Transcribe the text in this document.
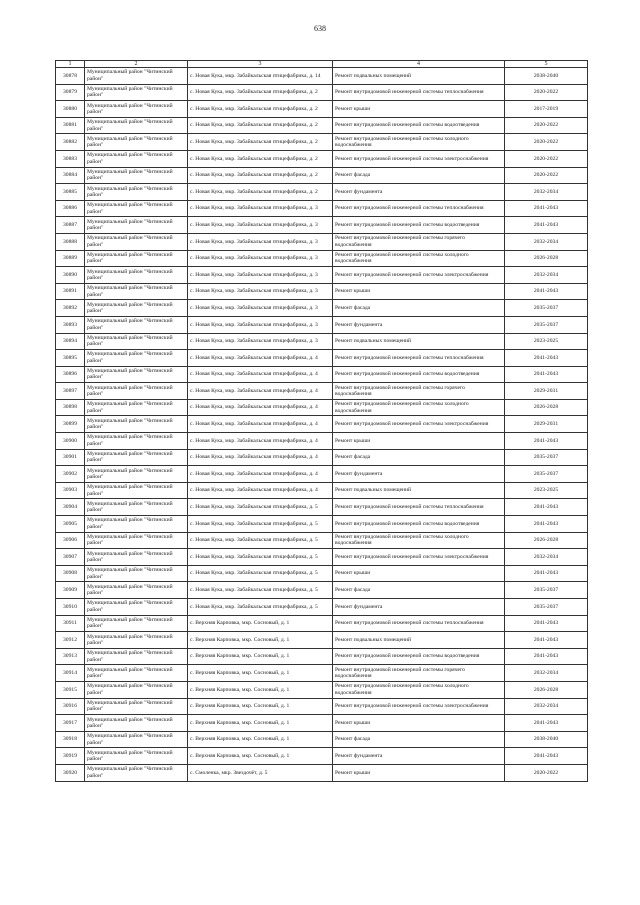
638
1	2	3	4	5
30878	Муниципальный район "Читинский район"	с. Новая Кука, мкр. Забайкальская птицефабрика, д. 14	Ремонт подвальных помещений	2038-2040
30879	Муниципальный район "Читинский район"	с. Новая Кука, мкр. Забайкальская птицефабрика, д. 2	Ремонт внутридомовой инженерной системы теплоснабжения	2020-2022
30880	Муниципальный район "Читинский район"	с. Новая Кука, мкр. Забайкальская птицефабрика, д. 2	Ремонт крыши	2017-2019
30881	Муниципальный район "Читинский район"	с. Новая Кука, мкр. Забайкальская птицефабрика, д. 2	Ремонт внутридомовой инженерной системы водоотведения	2020-2022
30882	Муниципальный район "Читинский район"	с. Новая Кука, мкр. Забайкальская птицефабрика, д. 2	Ремонт внутридомовой инженерной системы холодного водоснабжения	2020-2022
30883	Муниципальный район "Читинский район"	с. Новая Кука, мкр. Забайкальская птицефабрика, д. 2	Ремонт внутридомовой инженерной системы электроснабжения	2020-2022
30884	Муниципальный район "Читинский район"	с. Новая Кука, мкр. Забайкальская птицефабрика, д. 2	Ремонт фасада	2020-2022
30885	Муниципальный район "Читинский район"	с. Новая Кука, мкр. Забайкальская птицефабрика, д. 2	Ремонт фундамента	2032-2034
30886	Муниципальный район "Читинский район"	с. Новая Кука, мкр. Забайкальская птицефабрика, д. 3	Ремонт внутридомовой инженерной системы теплоснабжения	2041-2043
30887	Муниципальный район "Читинский район"	с. Новая Кука, мкр. Забайкальская птицефабрика, д. 3	Ремонт внутридомовой инженерной системы водоотведения	2041-2043
30888	Муниципальный район "Читинский район"	с. Новая Кука, мкр. Забайкальская птицефабрика, д. 3	Ремонт внутридомовой инженерной системы горячего водоснабжения	2032-2034
30889	Муниципальный район "Читинский район"	с. Новая Кука, мкр. Забайкальская птицефабрика, д. 3	Ремонт внутридомовой инженерной системы холодного водоснабжения	2026-2028
30890	Муниципальный район "Читинский район"	с. Новая Кука, мкр. Забайкальская птицефабрика, д. 3	Ремонт внутридомовой инженерной системы электроснабжения	2032-2034
30891	Муниципальный район "Читинский район"	с. Новая Кука, мкр. Забайкальская птицефабрика, д. 3	Ремонт крыши	2041-2043
30892	Муниципальный район "Читинский район"	с. Новая Кука, мкр. Забайкальская птицефабрика, д. 3	Ремонт фасада	2035-2037
30893	Муниципальный район "Читинский район"	с. Новая Кука, мкр. Забайкальская птицефабрика, д. 3	Ремонт фундамента	2035-2037
30894	Муниципальный район "Читинский район"	с. Новая Кука, мкр. Забайкальская птицефабрика, д. 3	Ремонт подвальных помещений	2023-2025
30895	Муниципальный район "Читинский район"	с. Новая Кука, мкр. Забайкальская птицефабрика, д. 4	Ремонт внутридомовой инженерной системы теплоснабжения	2041-2043
30896	Муниципальный район "Читинский район"	с. Новая Кука, мкр. Забайкальская птицефабрика, д. 4	Ремонт внутридомовой инженерной системы водоотведения	2041-2043
30897	Муниципальный район "Читинский район"	с. Новая Кука, мкр. Забайкальская птицефабрика, д. 4	Ремонт внутридомовой инженерной системы горячего водоснабжения	2029-2031
30898	Муниципальный район "Читинский район"	с. Новая Кука, мкр. Забайкальская птицефабрика, д. 4	Ремонт внутридомовой инженерной системы холодного водоснабжения	2026-2028
30899	Муниципальный район "Читинский район"	с. Новая Кука, мкр. Забайкальская птицефабрика, д. 4	Ремонт внутридомовой инженерной системы электроснабжения	2029-2031
30900	Муниципальный район "Читинский район"	с. Новая Кука, мкр. Забайкальская птицефабрика, д. 4	Ремонт крыши	2041-2043
30901	Муниципальный район "Читинский район"	с. Новая Кука, мкр. Забайкальская птицефабрика, д. 4	Ремонт фасада	2035-2037
30902	Муниципальный район "Читинский район"	с. Новая Кука, мкр. Забайкальская птицефабрика, д. 4	Ремонт фундамента	2035-2037
30903	Муниципальный район "Читинский район"	с. Новая Кука, мкр. Забайкальская птицефабрика, д. 4	Ремонт подвальных помещений	2023-2025
30904	Муниципальный район "Читинский район"	с. Новая Кука, мкр. Забайкальская птицефабрика, д. 5	Ремонт внутридомовой инженерной системы теплоснабжения	2041-2043
30905	Муниципальный район "Читинский район"	с. Новая Кука, мкр. Забайкальская птицефабрика, д. 5	Ремонт внутридомовой инженерной системы водоотведения	2041-2043
30906	Муниципальный район "Читинский район"	с. Новая Кука, мкр. Забайкальская птицефабрика, д. 5	Ремонт внутридомовой инженерной системы холодного водоснабжения	2026-2028
30907	Муниципальный район "Читинский район"	с. Новая Кука, мкр. Забайкальская птицефабрика, д. 5	Ремонт внутридомовой инженерной системы электроснабжения	2032-2034
30908	Муниципальный район "Читинский район"	с. Новая Кука, мкр. Забайкальская птицефабрика, д. 5	Ремонт крыши	2041-2043
30909	Муниципальный район "Читинский район"	с. Новая Кука, мкр. Забайкальская птицефабрика, д. 5	Ремонт фасада	2035-2037
30910	Муниципальный район "Читинский район"	с. Новая Кука, мкр. Забайкальская птицефабрика, д. 5	Ремонт фундамента	2035-2037
30911	Муниципальный район "Читинский район"	с. Верхняя Карповка, мкр. Сосновый, д. 1	Ремонт внутридомовой инженерной системы теплоснабжения	2041-2043
30912	Муниципальный район "Читинский район"	с. Верхняя Карповка, мкр. Сосновый, д. 1	Ремонт подвальных помещений	2041-2043
30913	Муниципальный район "Читинский район"	с. Верхняя Карповка, мкр. Сосновый, д. 1	Ремонт внутридомовой инженерной системы водоотведения	2041-2043
30914	Муниципальный район "Читинский район"	с. Верхняя Карповка, мкр. Сосновый, д. 1	Ремонт внутридомовой инженерной системы горячего водоснабжения	2032-2034
30915	Муниципальный район "Читинский район"	с. Верхняя Карповка, мкр. Сосновый, д. 1	Ремонт внутридомовой инженерной системы холодного водоснабжения	2026-2028
30916	Муниципальный район "Читинский район"	с. Верхняя Карповка, мкр. Сосновый, д. 1	Ремонт внутридомовой инженерной системы электроснабжения	2032-2034
30917	Муниципальный район "Читинский район"	с. Верхняя Карповка, мкр. Сосновый, д. 1	Ремонт крыши	2041-2043
30918	Муниципальный район "Читинский район"	с. Верхняя Карповка, мкр. Сосновый, д. 1	Ремонт фасада	2038-2040
30919	Муниципальный район "Читинский район"	с. Верхняя Карповка, мкр. Сосновый, д. 1	Ремонт фундамента	2041-2043
30920	Муниципальный район "Читинский район"	с. Смоленка, мкр. Звездочёт, д. 5	Ремонт крыши	2020-2022
